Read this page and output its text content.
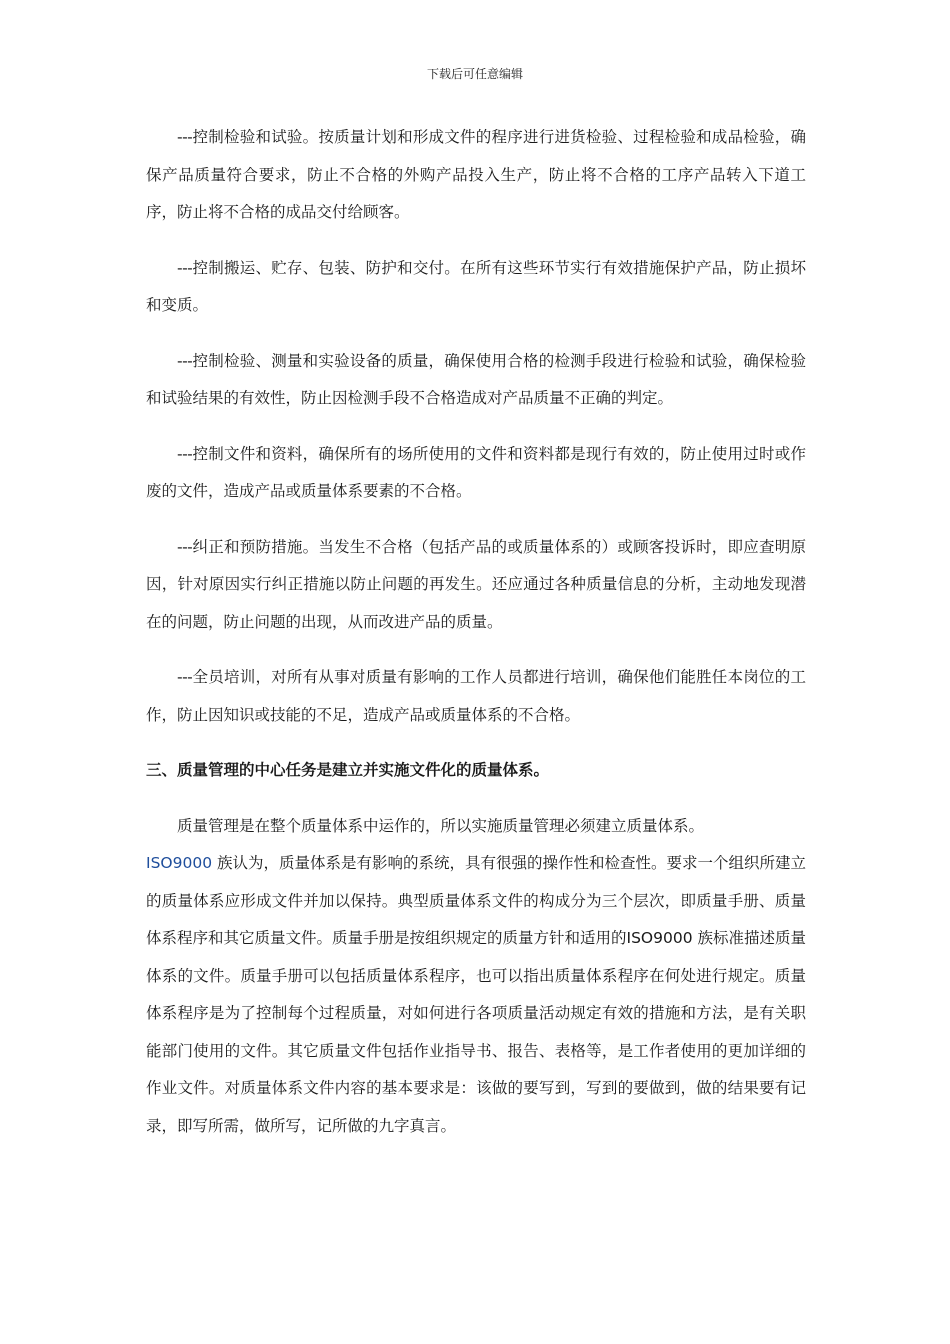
下载后可任意编辑

---控制检验和试验。按质量计划和形成文件的程序进行进货检验、过程检验和成品检验，确保产品质量符合要求，防止不合格的外购产品投入生产，防止将不合格的工序产品转入下道工序，防止将不合格的成品交付给顾客。

---控制搬运、贮存、包装、防护和交付。在所有这些环节实行有效措施保护产品，防止损坏和变质。

---控制检验、测量和实验设备的质量，确保使用合格的检测手段进行检验和试验，确保检验和试验结果的有效性，防止因检测手段不合格造成对产品质量不正确的判定。

---控制文件和资料，确保所有的场所使用的文件和资料都是现行有效的，防止使用过时或作废的文件，造成产品或质量体系要素的不合格。

---纠正和预防措施。当发生不合格（包括产品的或质量体系的）或顾客投诉时，即应查明原因，针对原因实行纠正措施以防止问题的再发生。还应通过各种质量信息的分析，主动地发现潜在的问题，防止问题的出现，从而改进产品的质量。

---全员培训，对所有从事对质量有影响的工作人员都进行培训，确保他们能胜任本岗位的工作，防止因知识或技能的不足，造成产品或质量体系的不合格。

三、质量管理的中心任务是建立并实施文件化的质量体系。

质量管理是在整个质量体系中运作的，所以实施质量管理必须建立质量体系。
ISO9000 族认为，质量体系是有影响的系统，具有很强的操作性和检查性。要求一个组织所建立的质量体系应形成文件并加以保持。典型质量体系文件的构成分为三个层次，即质量手册、质量体系程序和其它质量文件。质量手册是按组织规定的质量方针和适用的ISO9000 族标准描述质量体系的文件。质量手册可以包括质量体系程序，也可以指出质量体系程序在何处进行规定。质量体系程序是为了控制每个过程质量，对如何进行各项质量活动规定有效的措施和方法，是有关职能部门使用的文件。其它质量文件包括作业指导书、报告、表格等，是工作者使用的更加详细的作业文件。对质量体系文件内容的基本要求是：该做的要写到，写到的要做到，做的结果要有记录，即写所需，做所写，记所做的九字真言。
